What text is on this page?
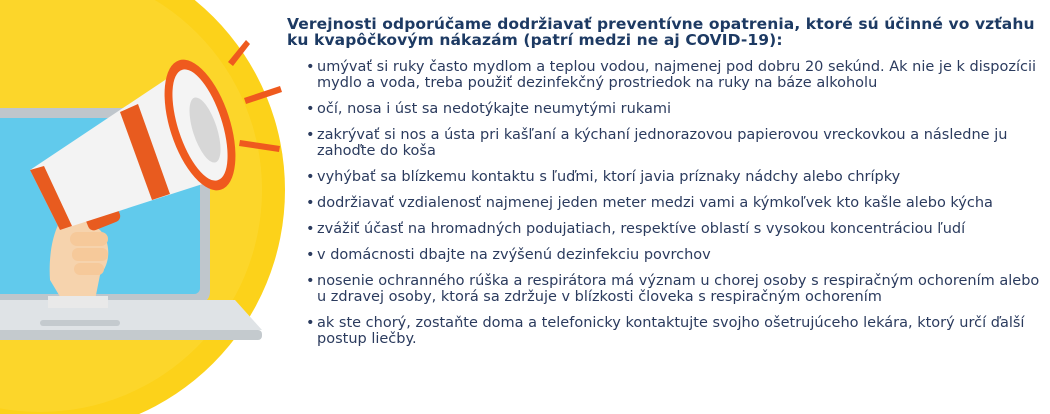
Verejnosti odporúčame dodržiavať preventívne opatrenia, ktoré sú účinné vo vzťahu ku kvapôčkovým nákazám (patrí medzi ne aj COVID-19):

• umývať si ruky často mydlom a teplou vodou, najmenej pod dobru 20 sekúnd. Ak nie je k dispozícii mydlo a voda, treba použiť dezinfekčný prostriedok na ruky na báze alkoholu
• očí, nosa i úst sa nedotýkajte neumytými rukami
• zakrývať si nos a ústa pri kašľaní a kýchaní jednorazovou papierovou vreckovkou a následne ju zahoďte do koša
• vyhýbať sa blízkemu kontaktu s ľuďmi, ktorí javia príznaky nádchy alebo chrípky
• dodržiavať vzdialenosť najmenej jeden meter medzi vami a kýmkoľvek kto kašle alebo kýcha
• zvážiť účasť na hromadných podujatiach, respektíve oblastí s vysokou koncentráciou ľudí
• v domácnosti dbajte na zvýšenú dezinfekciu povrchov
• nosenie ochranného rúška a respirátora má význam u chorej osoby s respiračným ochorením alebo u zdravej osoby, ktorá sa zdržuje v blízkosti človeka s respiračným ochorením
• ak ste chorý, zostaňte doma a telefonicky kontaktujte svojho ošetrujúceho lekára, ktorý určí ďalší postup liečby.
